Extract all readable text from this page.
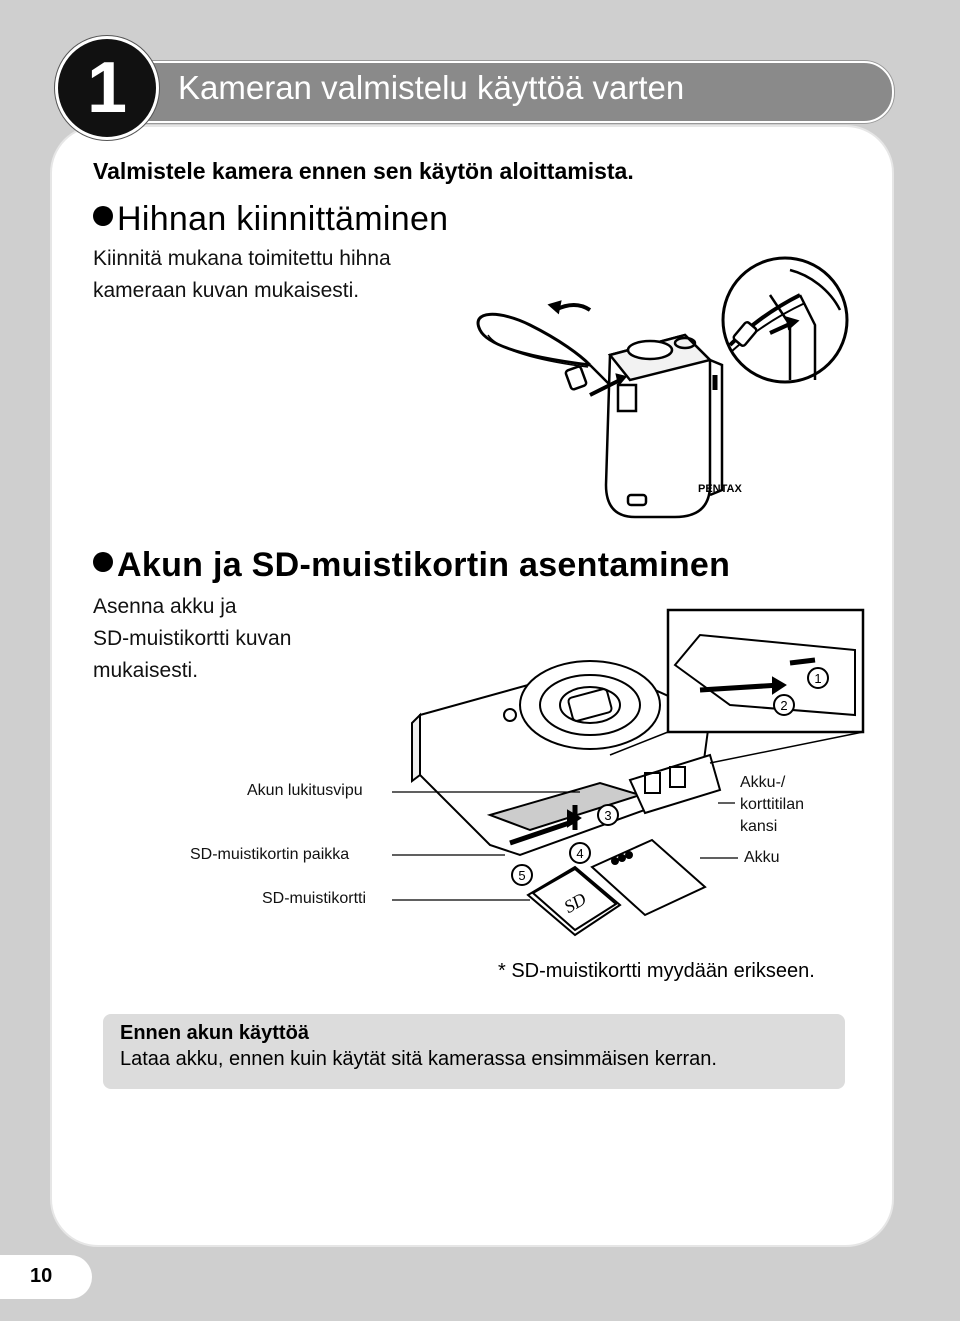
Kameran valmistelu käyttöä varten
1
Valmistele kamera ennen sen käytön aloittamista.
Hihnan kiinnittäminen
Kiinnitä mukana toimitettu hihna
kameraan kuvan mukaisesti.
PENTAX
Akun ja SD-muistikortin asentaminen
Asenna akku ja
SD-muistikortti kuvan
mukaisesti.	1
2
3
4
5
SD
Akun lukitusvipu
SD-muistikortin paikka
SD-muistikortti
Akku-/
korttitilan
kansi
Akku
* SD-muistikortti myydään erikseen.
Ennen akun käyttöä
Lataa akku, ennen kuin käytät sitä kamerassa ensimmäisen kerran.
10
